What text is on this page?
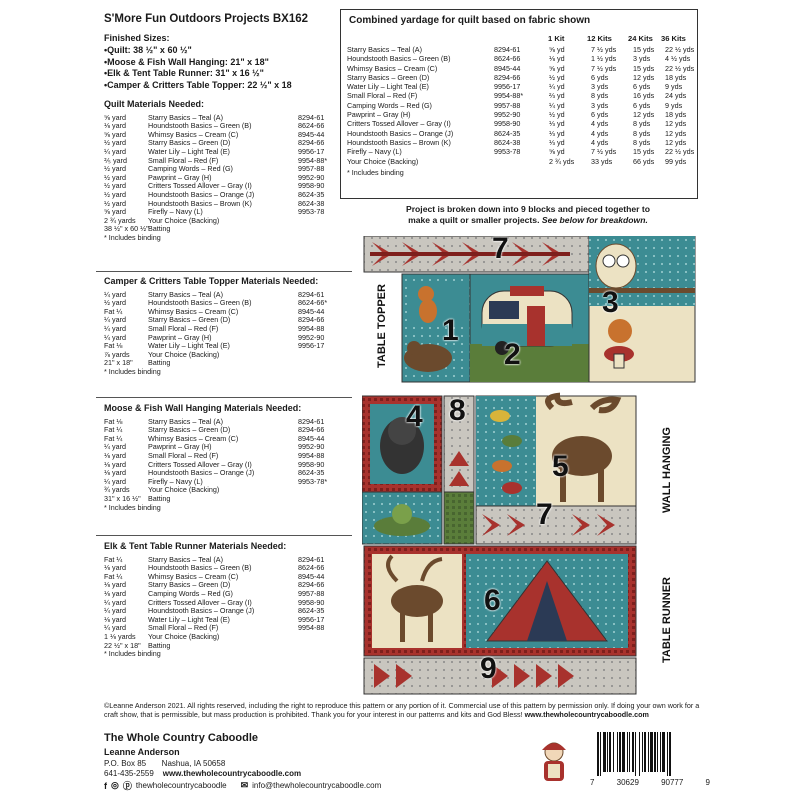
S'More Fun Outdoors Projects BX162
Finished Sizes:
• Quilt: 38 ½" x 60 ½"
• Moose & Fish Wall Hanging: 21" x 18"
• Elk & Tent Table Runner: 31" x 16 ½"
• Camper & Critters Table Topper: 22 ½" x 18
Quilt Materials Needed:
⅝ yard	Starry Basics – Teal (A)	8294-61
⅛ yard	Houndstooth Basics – Green (B)	8624-66
⅝ yard	Whimsy Basics – Cream (C)	8945-44
½ yard	Starry Basics – Green (D)	8294-66
¼ yard	Water Lily – Light Teal (E)	9956-17
⅖ yard	Small Floral – Red (F)	9954-88*
½ yard	Camping Words – Red (G)	9957-88
½ yard	Pawprint – Gray (H)	9952-90
½ yard	Critters Tossed Allover – Gray (I)	9958-90
½ yard	Houndstooth Basics – Orange (J)	8624-35
½ yard	Houndstooth Basics – Brown (K)	8624-38
⅝ yard	Firefly – Navy (L)	9953-78
2 ¾ yards	Your Choice (Backing)
38 ½" x 60 ½" Batting
* Includes binding
Camper & Critters Table Topper Materials Needed:
¼ yard	Starry Basics – Teal (A)	8294-61
½ yard	Houndstooth Basics – Green (B)	8624-66*
Fat ¼	Whimsy Basics – Cream (C)	8945-44
¼ yard	Starry Basics – Green (D)	8294-66
¼ yard	Small Floral – Red (F)	9954-88
¼ yard	Pawprint – Gray (H)	9952-90
Fat ⅛	Water Lily – Light Teal (E)	9956-17
⅞ yards	Your Choice (Backing)
21" x 18"	Batting
* Includes binding
Moose & Fish Wall Hanging Materials Needed:
Fat ⅛	Starry Basics – Teal (A)	8294-61
Fat ¼	Starry Basics – Green (D)	8294-66
Fat ¼	Whimsy Basics – Cream (C)	8945-44
¼ yard	Pawprint – Gray (H)	9952-90
⅛ yard	Small Floral – Red (F)	9954-88
⅛ yard	Critters Tossed Allover – Gray (I)	9958-90
⅛ yard	Houndstooth Basics – Orange (J)	8624-35
¼ yard	Firefly – Navy (L)	9953-78*
¾ yards	Your Choice (Backing)
31" x 16 ½"	Batting
* Includes binding
Elk & Tent Table Runner Materials Needed:
Fat ¼	Starry Basics – Teal (A)	8294-61
⅛ yard	Houndstooth Basics – Green (B)	8624-66
Fat ¼	Whimsy Basics – Cream (C)	8945-44
⅛ yard	Starry Basics – Green (D)	8294-66
⅛ yard	Camping Words – Red (G)	9957-88
¼ yard	Critters Tossed Allover – Gray (I)	9958-90
¼ yard	Houndstooth Basics – Orange (J)	8624-35
⅛ yard	Water Lily – Light Teal (E)	9956-17
¼ yard	Small Floral – Red (F)	9954-88
1 ⅛ yards	Your Choice (Backing)
22 ½" x 18"	Batting
* Includes binding
Combined yardage for quilt based on fabric shown
1 Kit	12 Kits 24 Kits 36 Kits
Starry Basics – Teal (A)	8294-61	⅝ yd	7 ½ yds	15 yds	22 ½ yds
Houndstooth Basics – Green (B)	8624-66	⅛ yd	1 ½ yds	3 yds	4 ½ yds
Whimsy Basics – Cream (C)	8945-44	⅝ yd	7 ½ yds	15 yds	22 ½ yds
Starry Basics – Green (D)	8294-66	½ yd	6 yds	12 yds	18 yds
Water Lily – Light Teal (E)	9956-17	¼ yd	3 yds	6 yds	9 yds
Small Floral – Red (F)	9954-88*	⅔ yd	8 yds	16 yds	24 yds
Camping Words – Red (G)	9957-88	¼ yd	3 yds	6 yds	9 yds
Pawprint – Gray (H)	9952-90	½ yd	6 yds	12 yds	18 yds
Critters Tossed Allover – Gray (I)	9958-90	⅓ yd	4 yds	8 yds	12 yds
Houndstooth Basics – Orange (J)	8624-35	⅓ yd	4 yds	8 yds	12 yds
Houndstooth Basics – Brown (K)	8624-38	⅓ yd	4 yds	8 yds	12 yds
Firefly – Navy (L)	9953-78	⅝ yd	7 ½ yds	15 yds	22 ½ yds
Your Choice (Backing)	2 ¾ yds	33 yds	66 yds	99 yds
* Includes binding
Project is broken down into 9 blocks and pieced together to
make a quilt or smaller projects. See below for breakdown.
7
1
2
3
4 8
5
7
6
9
TABLE TOPPER
WALL HANGING
TABLE RUNNER
©Leanne Anderson 2021. All rights reserved, including the right to reproduce this pattern or any portion of it. Commercial use of this pattern by permission only. If doing your own work for a craft show, that is permissible, but mass production is prohibited. Thank you for your interest in our patterns and kits and God Bless! www.thewholecountrycaboodle.com
The Whole Country Caboodle
Leanne Anderson
P.O. Box 85 Nashua, IA 50658
641-435-2559 www.thewholecountrycaboodle.com
f ◎ ⓟ thewholecountrycaboodle ✉ info@thewholecountrycaboodle.com	7	30629	90777	9
